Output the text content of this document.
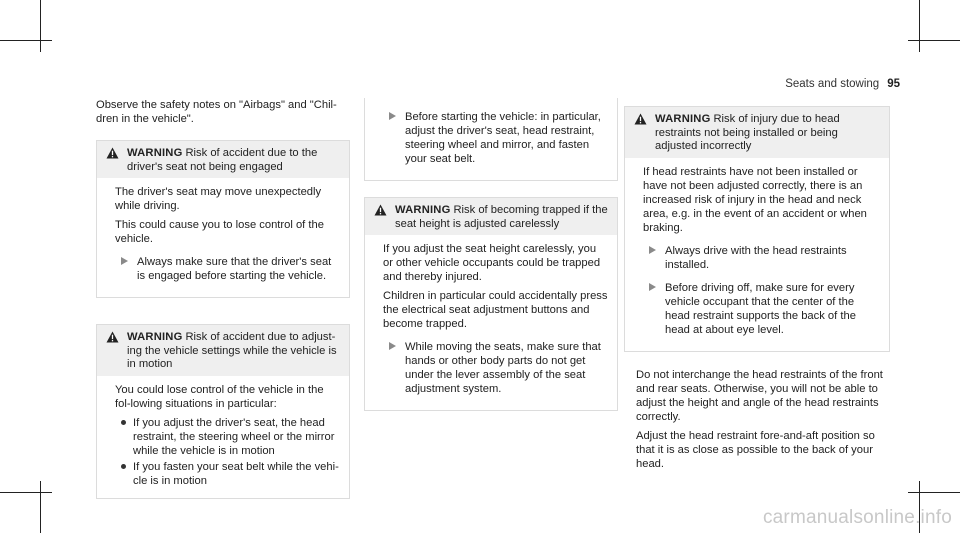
Seats and stowing 95

Observe the safety notes on "Airbags" and "Chil-dren in the vehicle".

WARNING Risk of accident due to the driver's seat not being engaged

The driver's seat may move unexpectedly while driving.

This could cause you to lose control of the vehicle.

Always make sure that the driver's seat is engaged before starting the vehicle.
WARNING Risk of accident due to adjust-ing the vehicle settings while the vehicle is in motion

You could lose control of the vehicle in the fol-lowing situations in particular:

If you adjust the driver's seat, the head restraint, the steering wheel or the mirror while the vehicle is in motion
If you fasten your seat belt while the vehi-cle is in motion
Before starting the vehicle: in particular, adjust the driver's seat, head restraint, steering wheel and mirror, and fasten your seat belt.
WARNING Risk of becoming trapped if the seat height is adjusted carelessly

If you adjust the seat height carelessly, you or other vehicle occupants could be trapped and thereby injured.

Children in particular could accidentally press the electrical seat adjustment buttons and become trapped.

While moving the seats, make sure that hands or other body parts do not get under the lever assembly of the seat adjustment system.
WARNING Risk of injury due to head restraints not being installed or being adjusted incorrectly

If head restraints have not been installed or have not been adjusted correctly, there is an increased risk of injury in the head and neck area, e.g. in the event of an accident or when braking.

Always drive with the head restraints installed.
Before driving off, make sure for every vehicle occupant that the center of the head restraint supports the back of the head at about eye level.

Do not interchange the head restraints of the front and rear seats. Otherwise, you will not be able to adjust the height and angle of the head restraints correctly.

Adjust the head restraint fore-and-aft position so that it is as close as possible to the back of your head.

carmanualsonline.info
